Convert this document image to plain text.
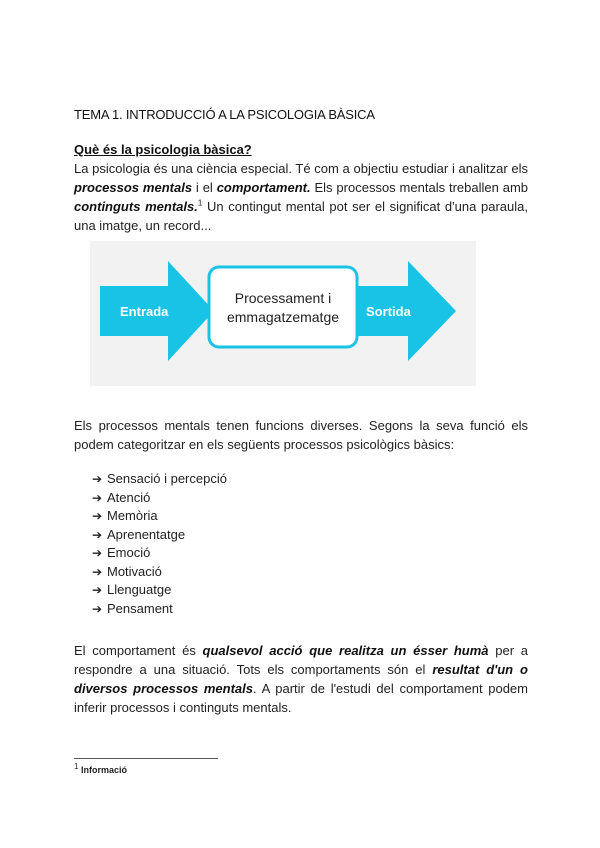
TEMA 1. INTRODUCCIÓ A LA PSICOLOGIA BÀSICA
Què és la psicologia bàsica?
La psicologia és una ciència especial. Té com a objectiu estudiar i analitzar els processos mentals i el comportament. Els processos mentals treballen amb continguts mentals.$^1$ Un contingut mental pot ser el significat d'una paraula, una imatge, un record...
Entrada	Sortida
Processament i
emmagatzematge
Els processos mentals tenen funcions diverses. Segons la seva funció els podem categoritzar en els següents processos psicològics bàsics:
➔ Sensació i percepció
➔ Atenció
➔ Memòria
➔ Aprenentatge
➔ Emoció
➔ Motivació
➔ Llenguatge
➔ Pensament
El comportament és qualsevol acció que realitza un ésser humà per a respondre a una situació. Tots els comportaments són el resultat d'un o diversos processos mentals. A partir de l'estudi del comportament podem inferir processos i continguts mentals.
1 Informació
